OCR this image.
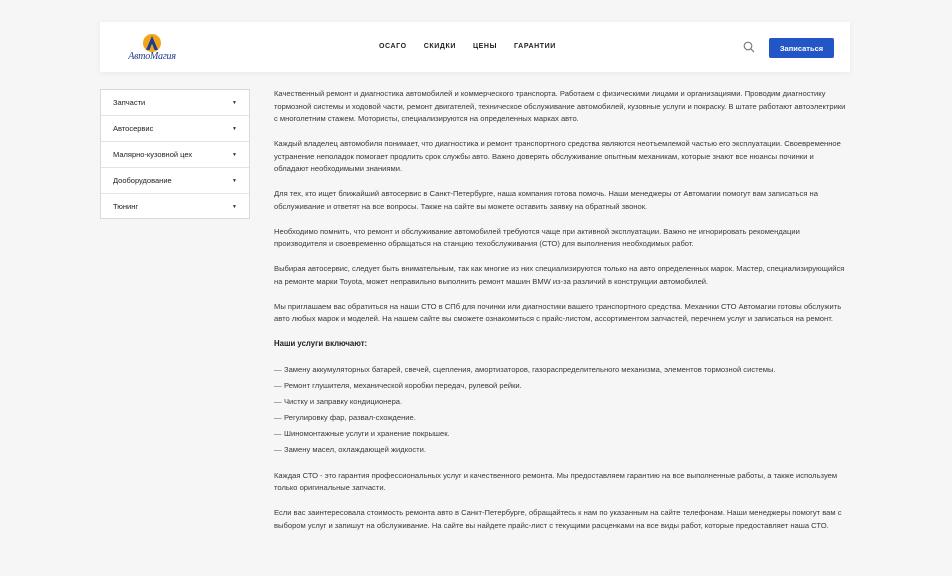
АвтоМагия
ОСАГО СКИДКИ ЦЕНЫ ГАРАНТИИ	Записаться
Запчасти	▼
Автосервис	▼
Малярно-кузовной цех	▼
Дооборудование	▼
Тюнинг	▼

Качественный ремонт и диагностика автомобилей и коммерческого транспорта. Работаем с физическими лицами и организациями. Проводим диагностику тормозной системы и ходовой части, ремонт двигателей, техническое обслуживание автомобилей, кузовные услуги и покраску. В штате работают автоэлектрики с многолетним стажем. Мотористы, специализируются на определенных марках авто.

Каждый владелец автомобиля понимает, что диагностика и ремонт транспортного средства являются неотъемлемой частью его эксплуатации. Своевременное устранение неполадок помогает продлить срок службы авто. Важно доверять обслуживание опытным механикам, которые знают все нюансы починки и обладают необходимыми знаниями.

Для тех, кто ищет ближайший автосервис в Санкт-Петербурге, наша компания готова помочь. Наши менеджеры от Автомагии помогут вам записаться на обслуживание и ответят на все вопросы. Также на сайте вы можете оставить заявку на обратный звонок.

Необходимо помнить, что ремонт и обслуживание автомобилей требуются чаще при активной эксплуатации. Важно не игнорировать рекомендации производителя и своевременно обращаться на станцию техобслуживания (СТО) для выполнения необходимых работ.

Выбирая автосервис, следует быть внимательным, так как многие из них специализируются только на авто определенных марок. Мастер, специализирующийся на ремонте марки Toyota, может неправильно выполнить ремонт машин BMW из-за различий в конструкции автомобилей.

Мы приглашаем вас обратиться на наши СТО в СПб для починки или диагностики вашего транспортного средства. Механики СТО Автомагии готовы обслужить авто любых марок и моделей. На нашем сайте вы сможете ознакомиться с прайс-листом, ассортиментом запчастей, перечнем услуг и записаться на ремонт.

Наши услуги включают:
— Замену аккумуляторных батарей, свечей, сцепления, амортизаторов, газораспределительного механизма, элементов тормозной системы.
— Ремонт глушителя, механической коробки передач, рулевой рейки.
— Чистку и заправку кондиционера.
— Регулировку фар, развал-схождение.
— Шиномонтажные услуги и хранение покрышек.
— Замену масел, охлаждающей жидкости.

Каждая СТО - это гарантия профессиональных услуг и качественного ремонта. Мы предоставляем гарантию на все выполненные работы, а также используем только оригинальные запчасти.

Если вас заинтересовала стоимость ремонта авто в Санкт-Петербурге, обращайтесь к нам по указанным на сайте телефонам. Наши менеджеры помогут вам с выбором услуг и запишут на обслуживание. На сайте вы найдете прайс-лист с текущими расценками на все виды работ, которые предоставляет наша СТО.
